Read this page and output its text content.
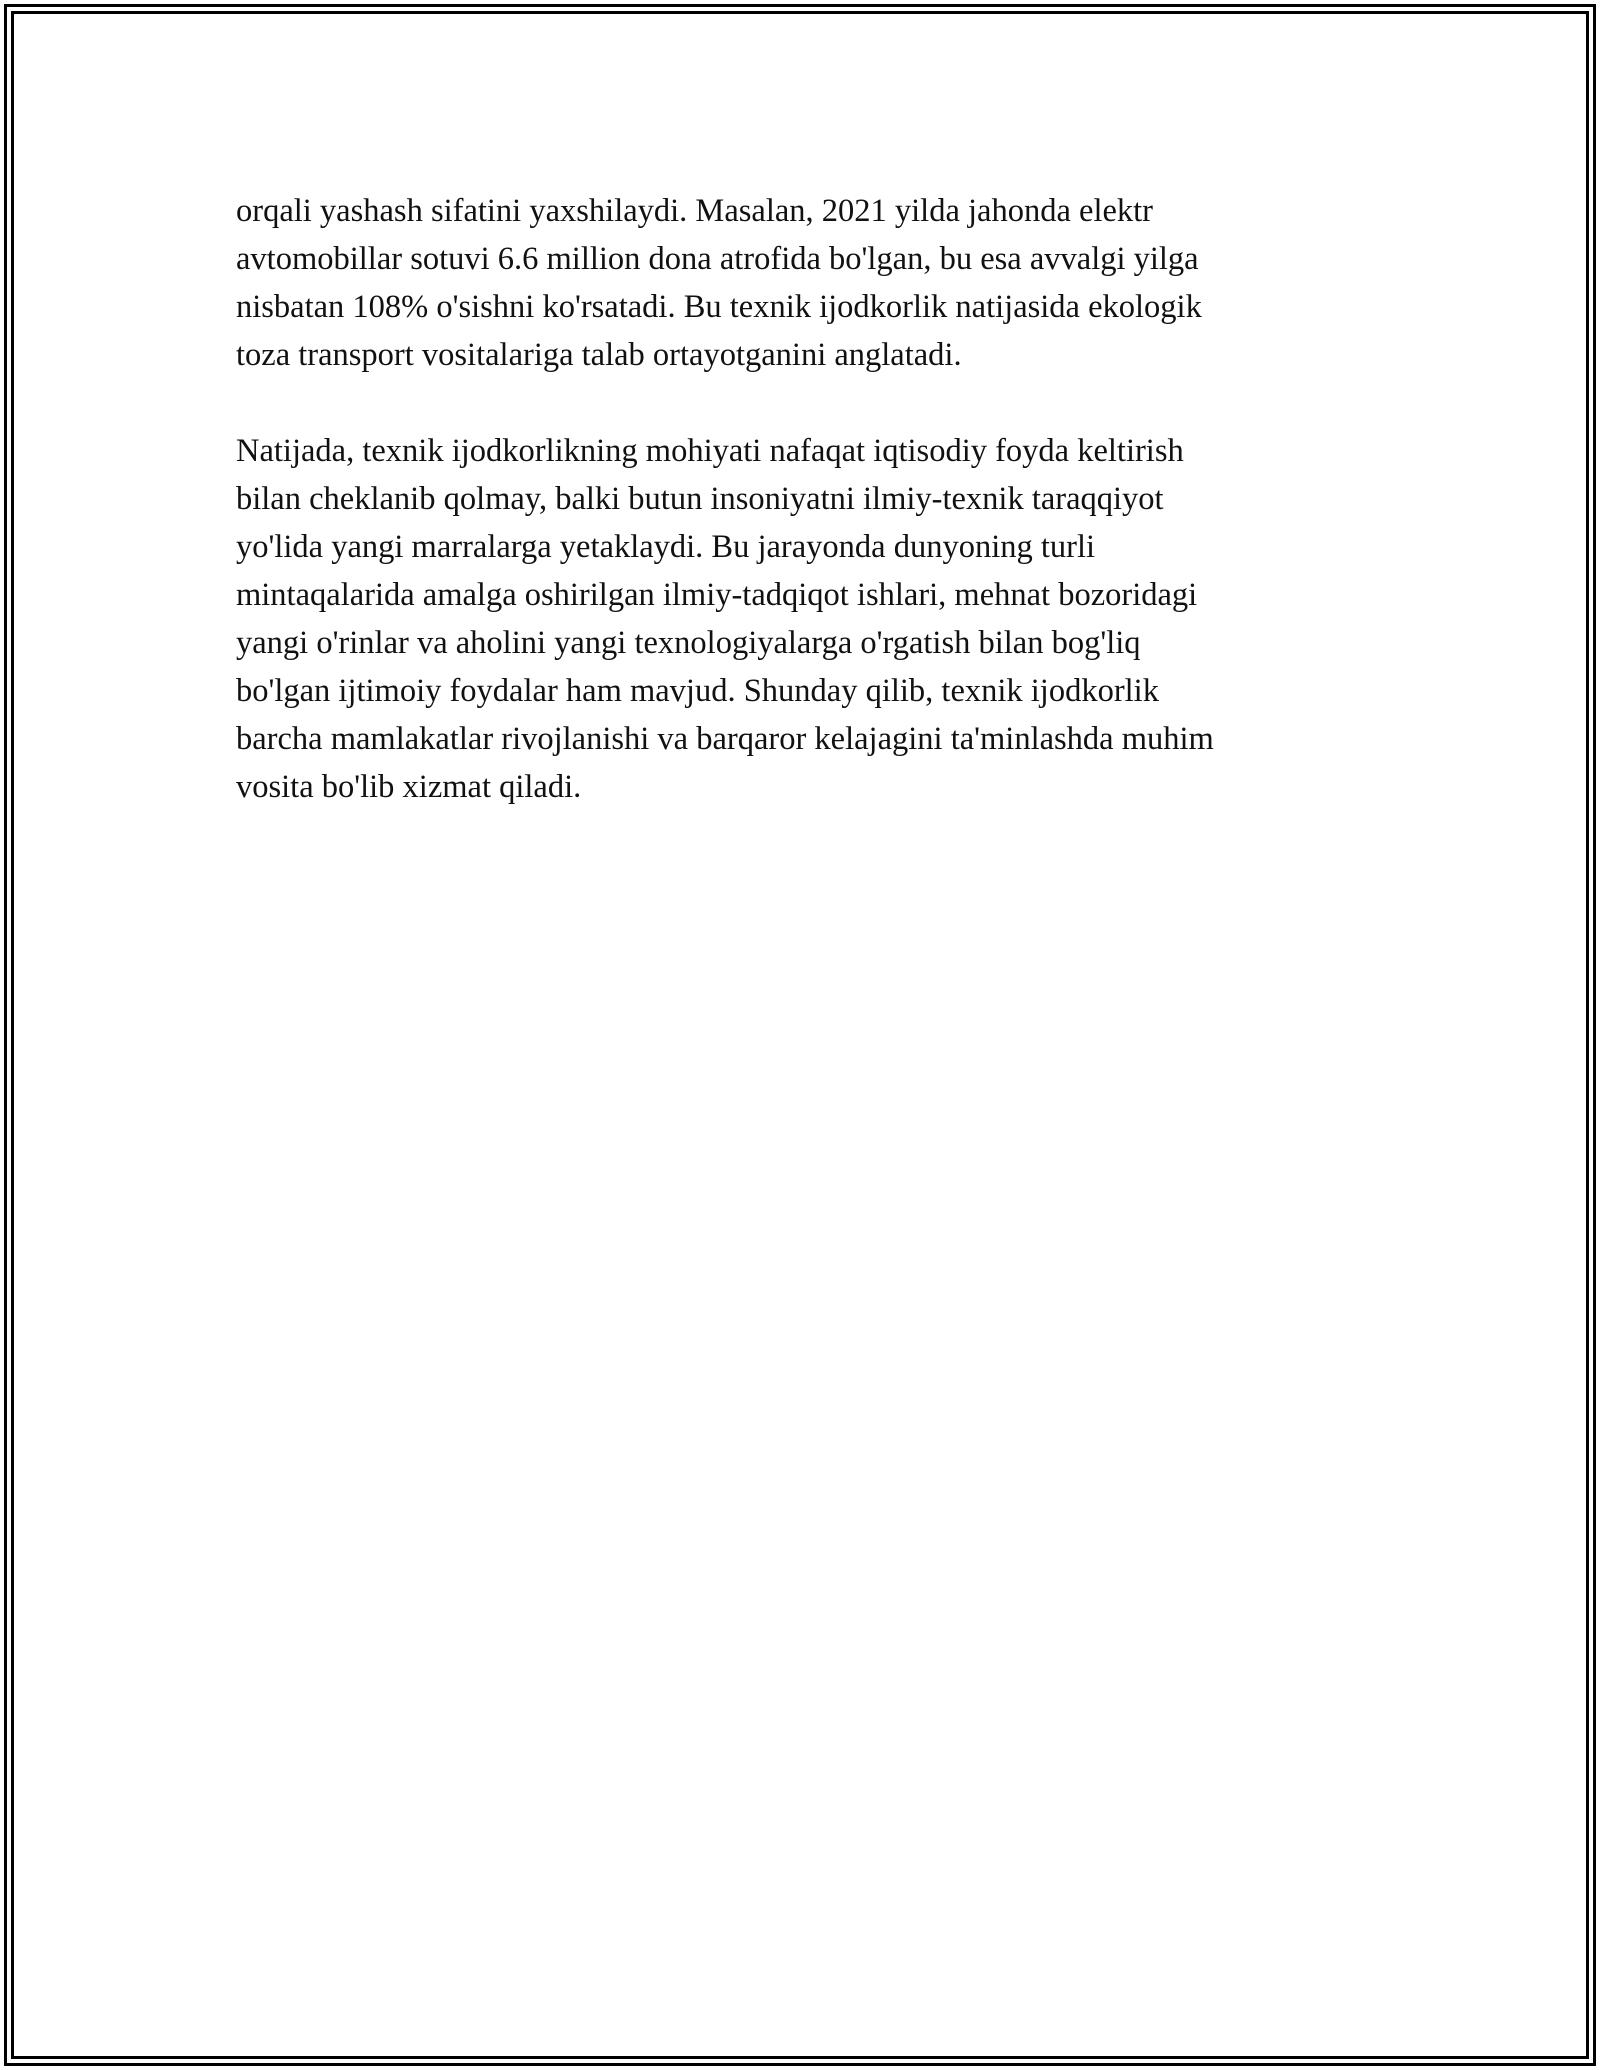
orqali yashash sifatini yaxshilaydi. Masalan, 2021 yilda jahonda elektr
avtomobillar sotuvi 6.6 million dona atrofida bo'lgan, bu esa avvalgi yilga
nisbatan 108% o'sishni ko'rsatadi. Bu texnik ijodkorlik natijasida ekologik
toza transport vositalariga talab ortayotganini anglatadi.

Natijada, texnik ijodkorlikning mohiyati nafaqat iqtisodiy foyda keltirish
bilan cheklanib qolmay, balki butun insoniyatni ilmiy-texnik taraqqiyot
yo'lida yangi marralarga yetaklaydi. Bu jarayonda dunyoning turli
mintaqalarida amalga oshirilgan ilmiy-tadqiqot ishlari, mehnat bozoridagi
yangi o'rinlar va aholini yangi texnologiyalarga o'rgatish bilan bog'liq
bo'lgan ijtimoiy foydalar ham mavjud. Shunday qilib, texnik ijodkorlik
barcha mamlakatlar rivojlanishi va barqaror kelajagini ta'minlashda muhim
vosita bo'lib xizmat qiladi.
